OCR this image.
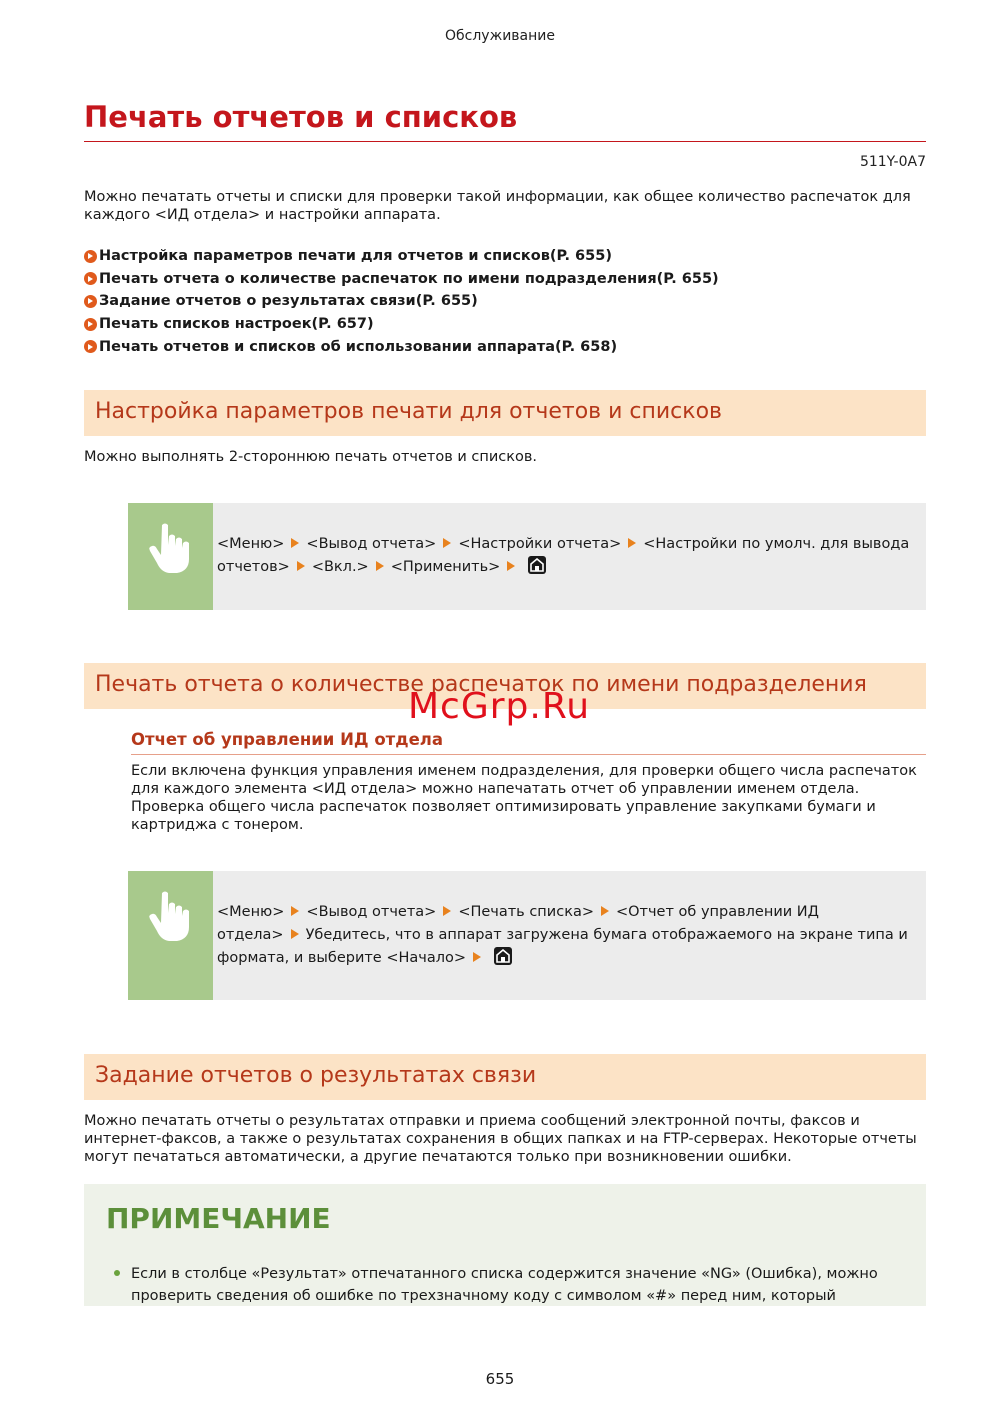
Обслуживание
Печать отчетов и списков
511Y-0A7
Можно печатать отчеты и списки для проверки такой информации, как общее количество распечаток для каждого <ИД отдела> и настройки аппарата.
Настройка параметров печати для отчетов и списков(P. 655)
Печать отчета о количестве распечаток по имени подразделения(P. 655)
Задание отчетов о результатах связи(P. 655)
Печать списков настроек(P. 657)
Печать отчетов и списков об использовании аппарата(P. 658)
Настройка параметров печати для отчетов и списков
Можно выполнять 2-стороннюю печать отчетов и списков.
<Меню> <Вывод отчета> <Настройки отчета> <Настройки по умолч. для вывода
отчетов> <Вкл.> <Применить>
Печать отчета о количестве распечаток по имени подразделения
Отчет об управлении ИД отдела
Если включена функция управления именем подразделения, для проверки общего числа распечаток для каждого элемента <ИД отдела> можно напечатать отчет об управлении именем отдела. Проверка общего числа распечаток позволяет оптимизировать управление закупками бумаги и картриджа с тонером.
<Меню> <Вывод отчета> <Печать списка> <Отчет об управлении ИД
отдела> Убедитесь, что в аппарат загружена бумага отображаемого на экране типа и
формата, и выберите <Начало>
Задание отчетов о результатах связи
Можно печатать отчеты о результатах отправки и приема сообщений электронной почты, факсов и интернет-факсов, а также о результатах сохранения в общих папках и на FTP-серверах. Некоторые отчеты могут печататься автоматически, а другие печатаются только при возникновении ошибки.
ПРИМЕЧАНИЕ
Если в столбце «Результат» отпечатанного списка содержится значение «NG» (Ошибка), можно проверить сведения об ошибке по трехзначному коду с символом «#» перед ним, который
McGrp.Ru
655
